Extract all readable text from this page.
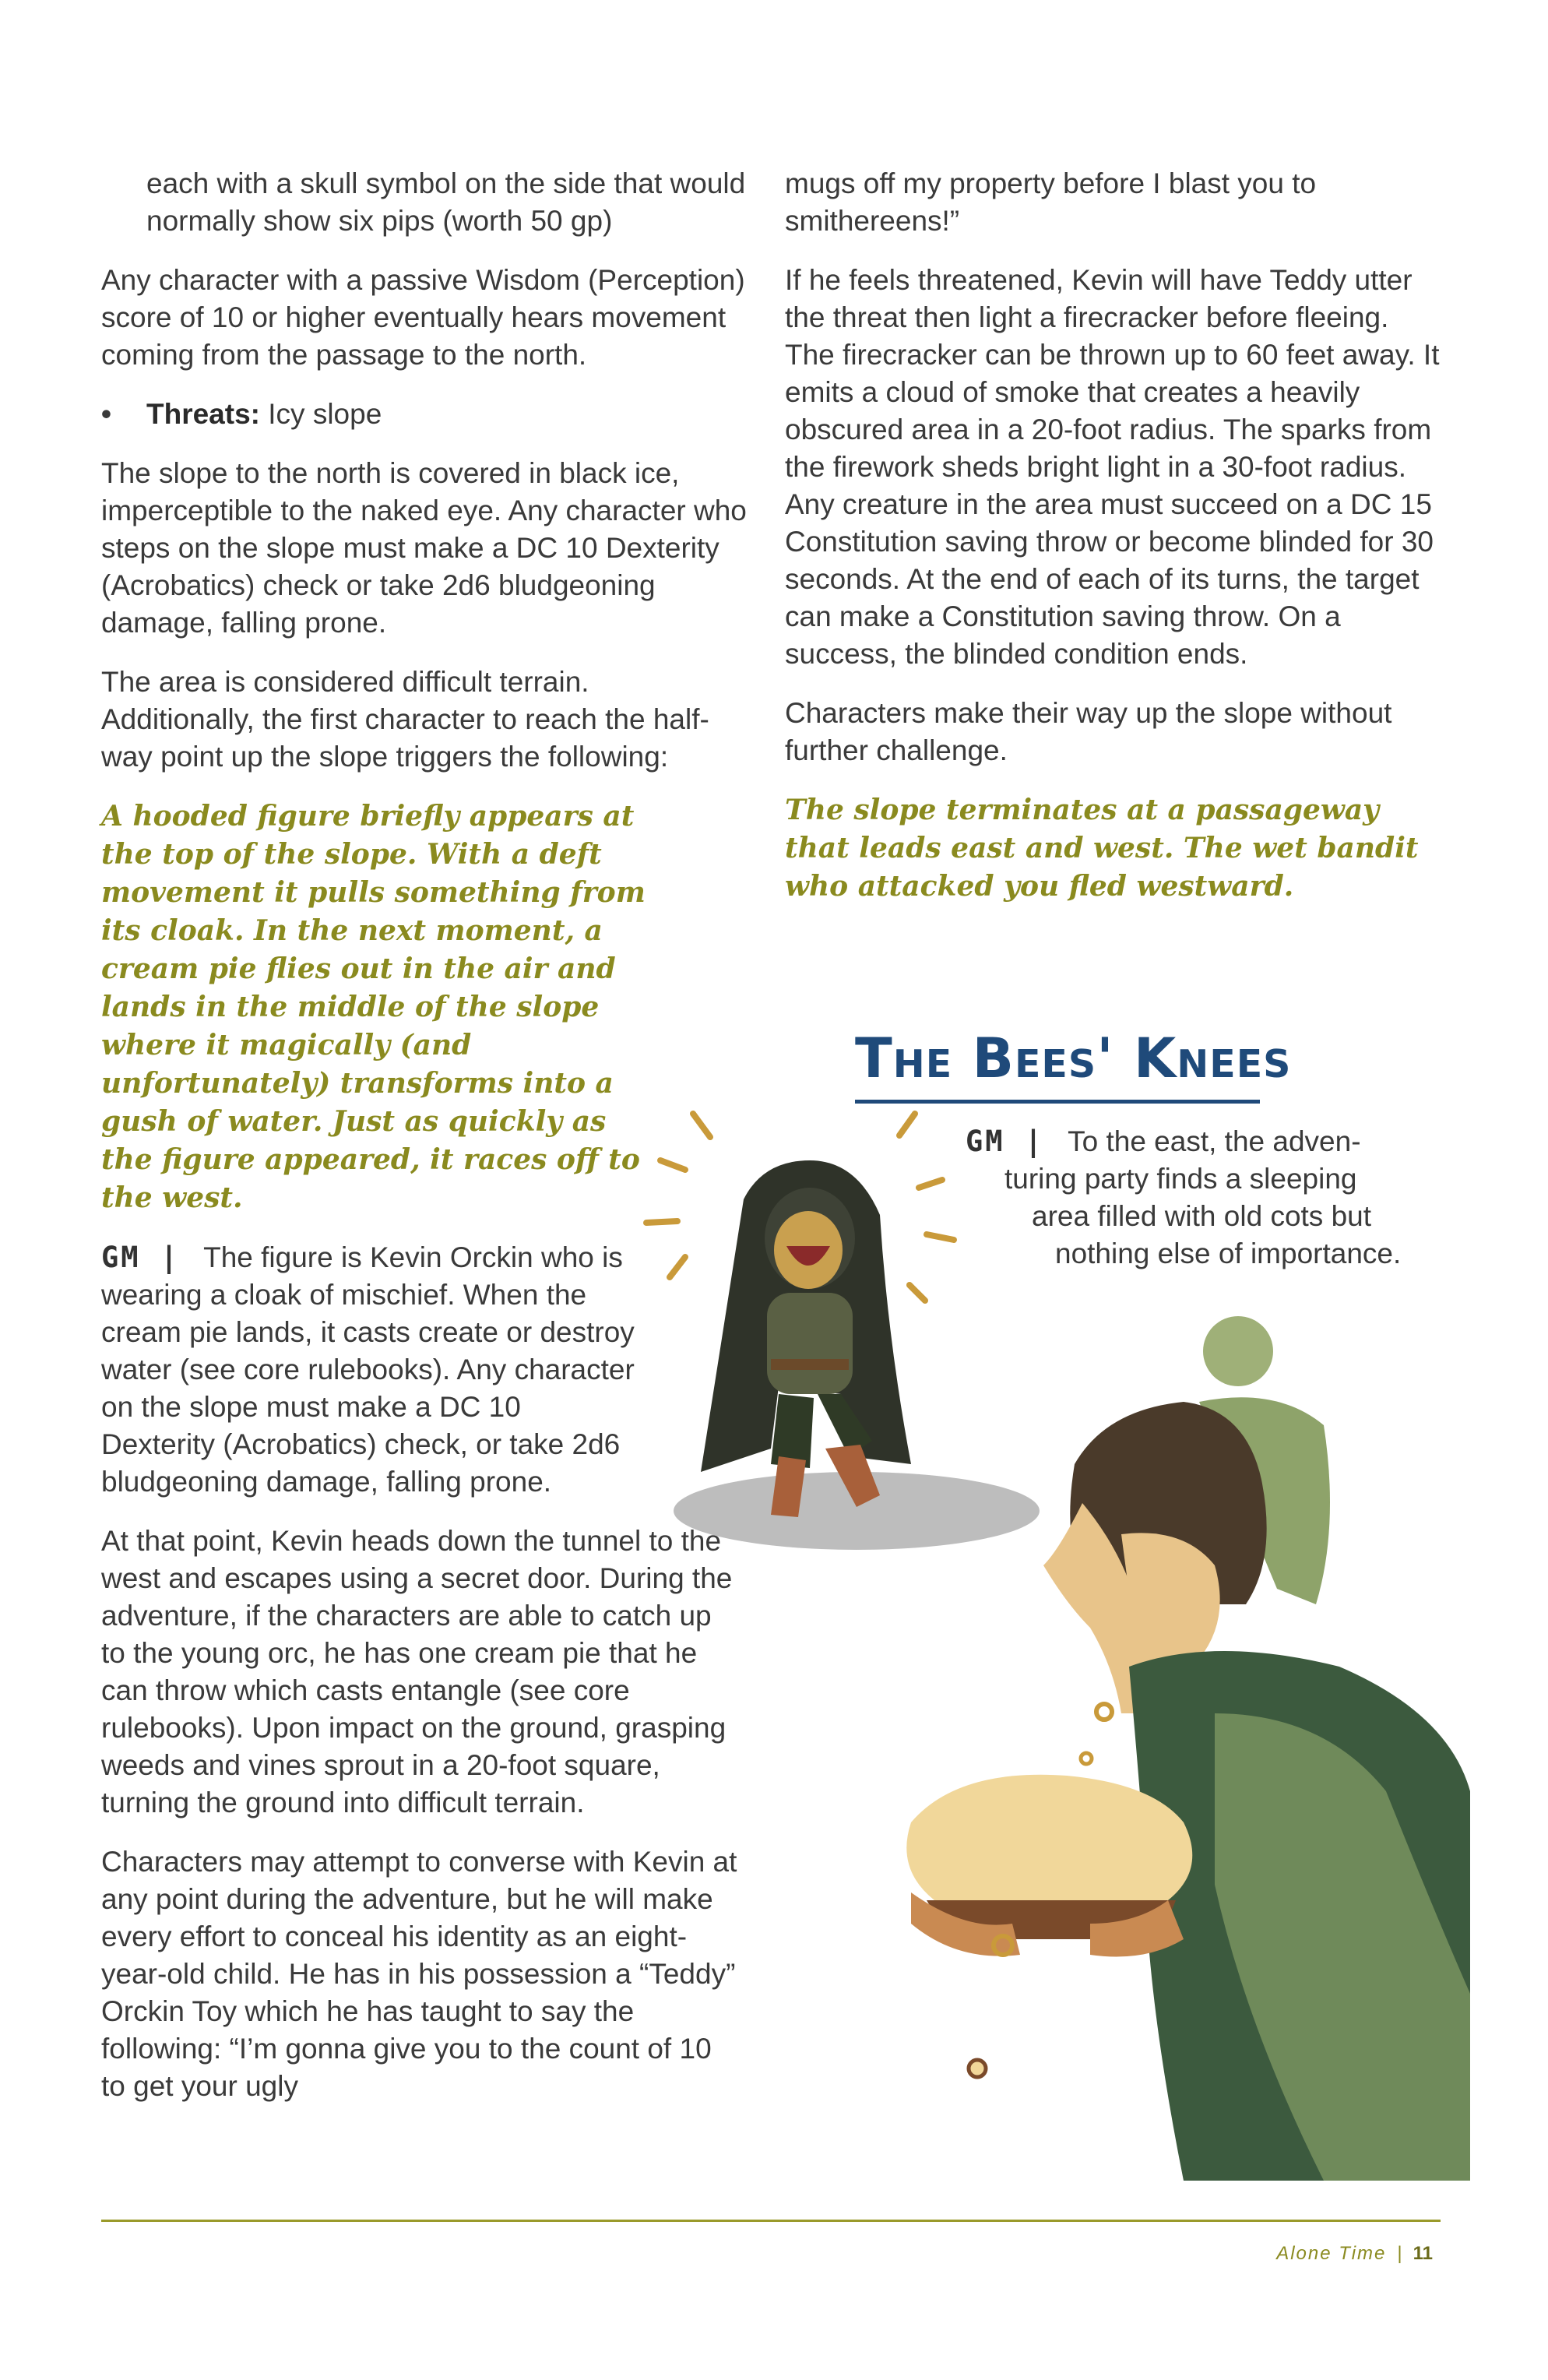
each with a skull symbol on the side that would normally show six pips (worth 50 gp)

Any character with a passive Wisdom (Perception) score of 10 or higher eventually hears movement coming from the passage to the north.

•	Threats: Icy slope

The slope to the north is covered in black ice, imperceptible to the naked eye. Any character who steps on the slope must make a DC 10 Dexterity (Acrobatics) check or take 2d6 bludgeoning damage, falling prone.

The area is considered difficult terrain. Additionally, the first character to reach the half-way point up the slope triggers the following:

A hooded figure briefly appears at the top of the slope. With a deft movement it pulls something from its cloak. In the next moment, a cream pie flies out in the air and lands in the middle of the slope where it magically (and unfortunately) transforms into a gush of water. Just as quickly as the figure appeared, it races off to the west.

GM | The figure is Kevin Orckin who is wearing a cloak of mischief. When the cream pie lands, it casts create or destroy water (see core rulebooks). Any character on the slope must make a DC 10 Dexterity (Acrobatics) check, or take 2d6 bludgeoning damage, falling prone.

At that point, Kevin heads down the tunnel to the west and escapes using a secret door. During the adventure, if the characters are able to catch up to the young orc, he has one cream pie that he can throw which casts entangle (see core rulebooks). Upon impact on the ground, grasping weeds and vines sprout in a 20-foot square, turning the ground into difficult terrain.

Characters may attempt to converse with Kevin at any point during the adventure, but he will make every effort to conceal his identity as an eight-year-old child. He has in his possession a “Teddy” Orckin Toy which he has taught to say the following: “I’m gonna give you to the count of 10 to get your ugly

mugs off my property before I blast you to smithereens!”

If he feels threatened, Kevin will have Teddy utter the threat then light a firecracker before fleeing. The firecracker can be thrown up to 60 feet away. It emits a cloud of smoke that creates a heavily obscured area in a 20-foot radius. The sparks from the firework sheds bright light in a 30-foot radius. Any creature in the area must succeed on a DC 15 Constitution saving throw or become blinded for 30 seconds. At the end of each of its turns, the target can make a Constitution saving throw. On a success, the blinded condition ends.

Characters make their way up the slope without further challenge.

The slope terminates at a passageway that leads east and west. The wet bandit who attacked you fled westward.

The Bees' Knees
GM | To the east, the adven-
turing party finds a sleeping
area filled with old cots but
nothing else of importance.
Alone Time | 11
